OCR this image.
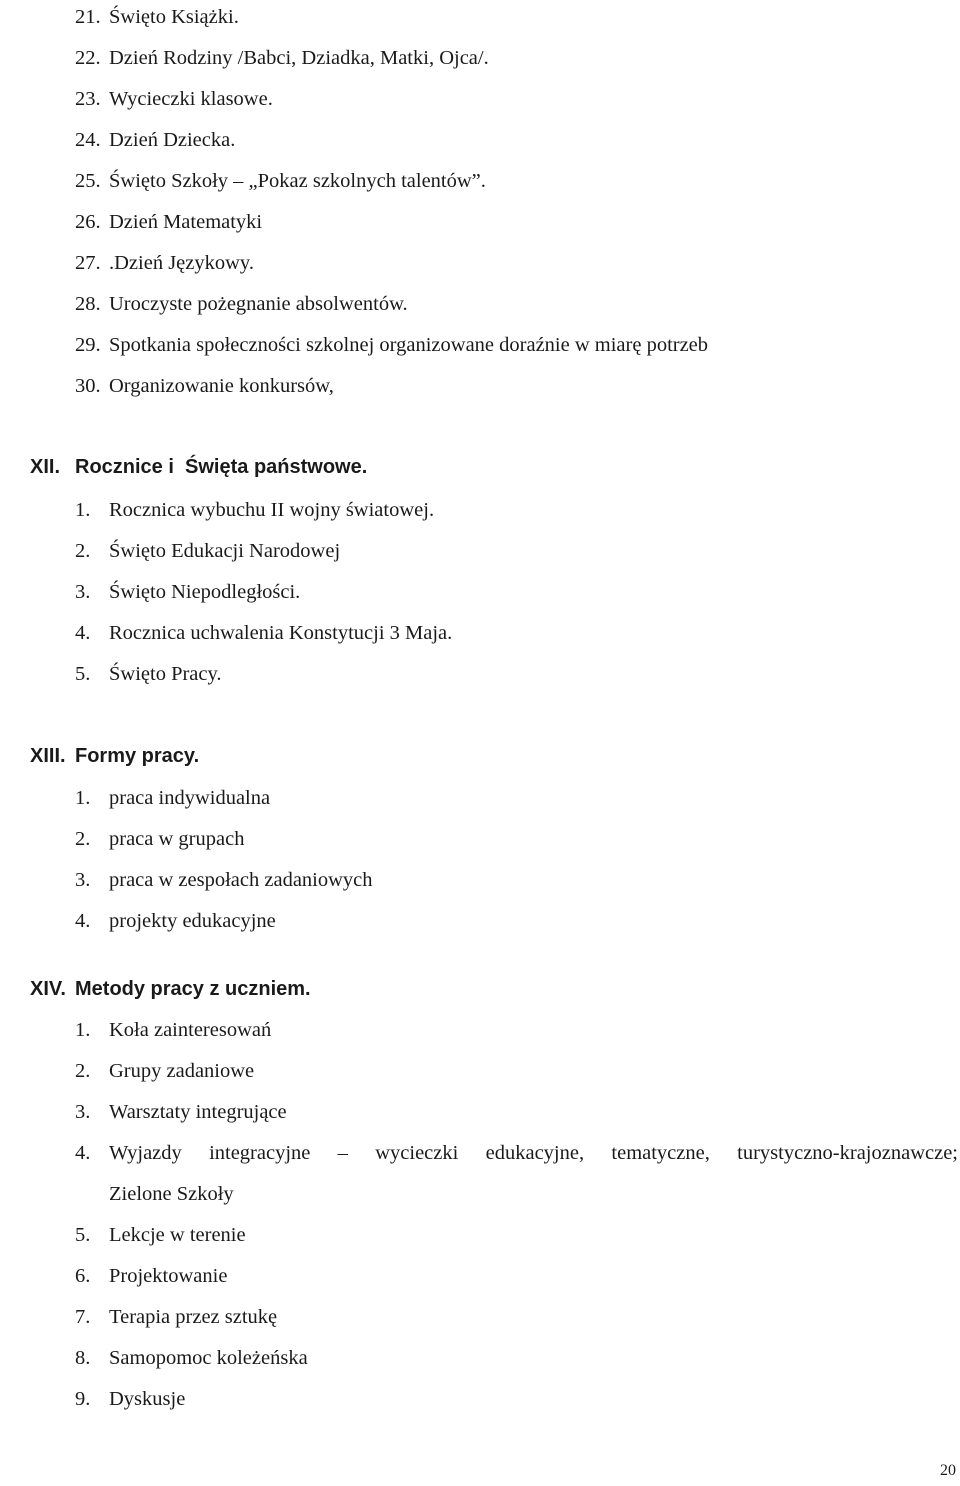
21. Święto Książki.
22. Dzień Rodziny /Babci, Dziadka, Matki, Ojca/.
23. Wycieczki klasowe.
24. Dzień Dziecka.
25. Święto Szkoły – „Pokaz szkolnych talentów”.
26. Dzień Matematyki
27. .Dzień Językowy.
28. Uroczyste pożegnanie absolwentów.
29. Spotkania społeczności szkolnej organizowane doraźnie w miarę potrzeb
30. Organizowanie konkursów,
XII. Rocznice i  Święta państwowe.
1. Rocznica wybuchu II wojny światowej.
2. Święto Edukacji Narodowej
3. Święto Niepodległości.
4. Rocznica uchwalenia Konstytucji 3 Maja.
5. Święto Pracy.
XIII. Formy pracy.
1. praca indywidualna
2. praca w grupach
3. praca w zespołach zadaniowych
4. projekty edukacyjne
XIV. Metody pracy z uczniem.
1. Koła zainteresowań
2. Grupy zadaniowe
3. Warsztaty integrujące
4. Wyjazdy integracyjne – wycieczki edukacyjne, tematyczne, turystyczno-krajoznawcze;
Zielone Szkoły
5. Lekcje w terenie
6. Projektowanie
7. Terapia przez sztukę
8. Samopomoc koleżeńska
9. Dyskusje
20
